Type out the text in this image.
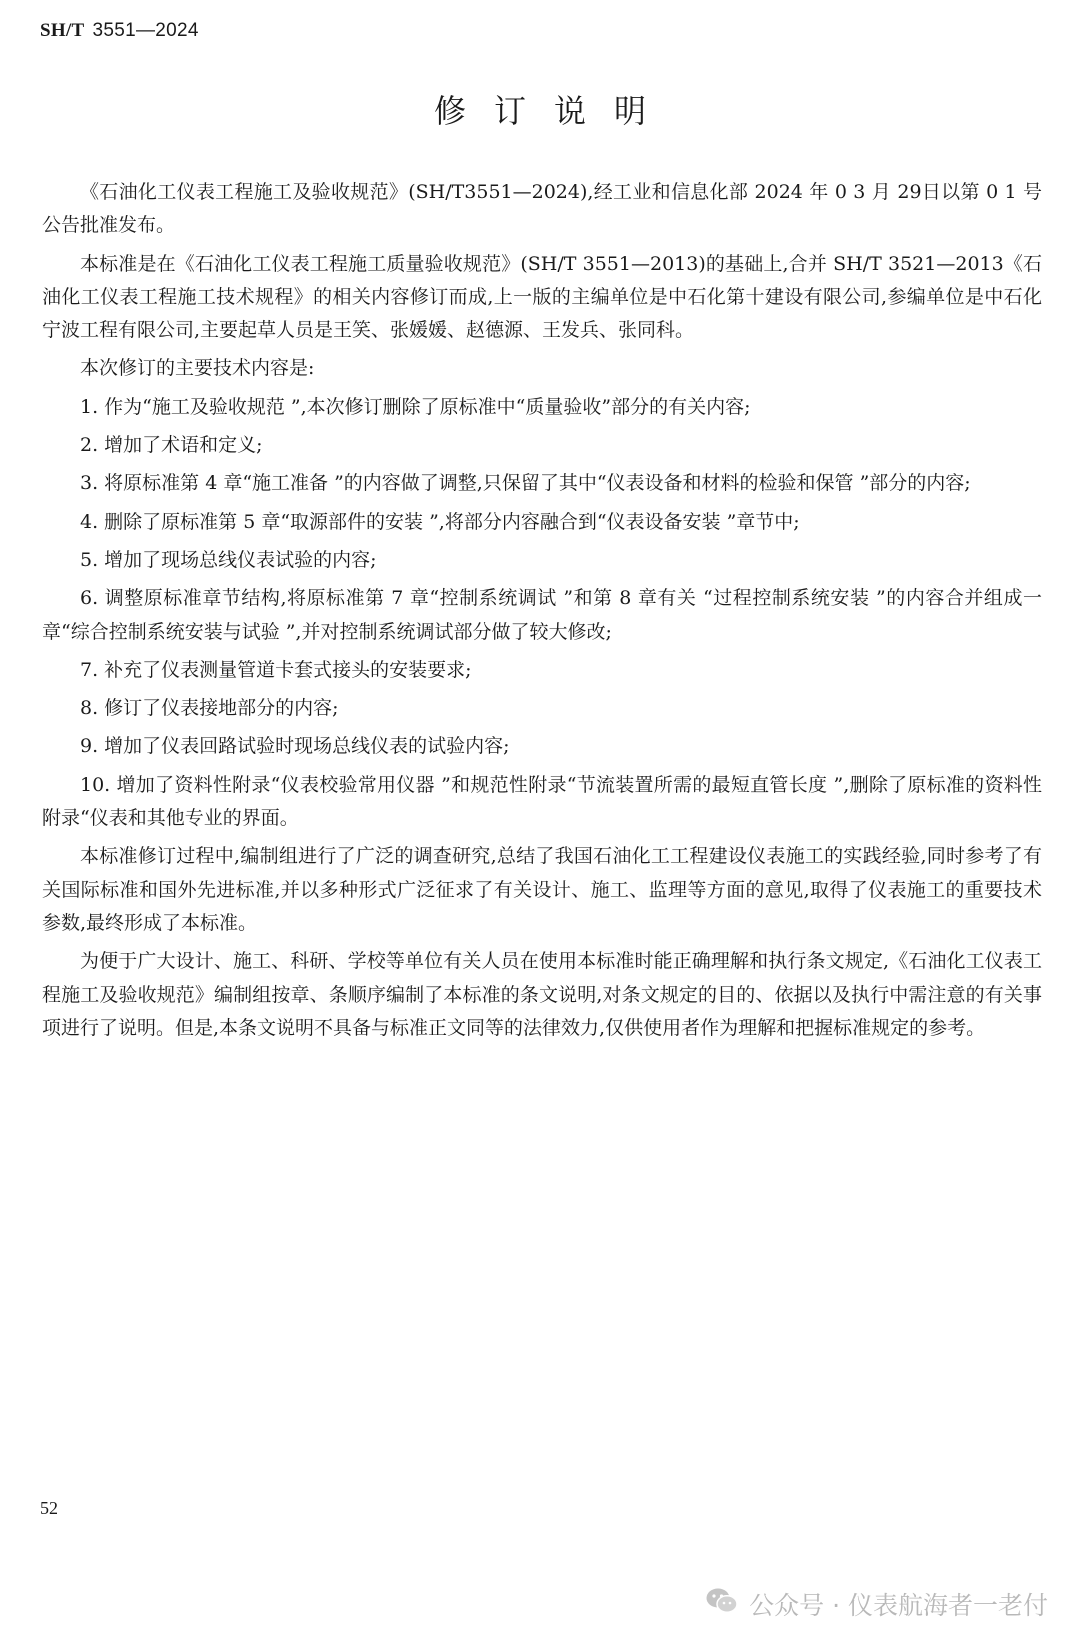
SH/T 3551—2024
修订说明

《石油化工仪表工程施工及验收规范》(SH/T3551—2024),经工业和信息化部 2024 年 0 3 月 29日以第 0 1 号公告批准发布。

本标准是在《石油化工仪表工程施工质量验收规范》(SH/T 3551—2013)的基础上,合并 SH/T 3521—2013《石油化工仪表工程施工技术规程》的相关内容修订而成,上一版的主编单位是中石化第十建设有限公司,参编单位是中石化宁波工程有限公司,主要起草人员是王笑、张媛媛、赵德源、王发兵、张同科。

本次修订的主要技术内容是:

1. 作为“施工及验收规范 ”,本次修订删除了原标准中“质量验收”部分的有关内容;

2. 增加了术语和定义;

3. 将原标准第 4 章“施工准备 ”的内容做了调整,只保留了其中“仪表设备和材料的检验和保管 ”部分的内容;

4. 删除了原标准第 5 章“取源部件的安装 ”,将部分内容融合到“仪表设备安装 ”章节中;

5. 增加了现场总线仪表试验的内容;

6. 调整原标准章节结构,将原标准第 7 章“控制系统调试 ”和第 8 章有关 “过程控制系统安装 ”的内容合并组成一章“综合控制系统安装与试验 ”,并对控制系统调试部分做了较大修改;

7. 补充了仪表测量管道卡套式接头的安装要求;

8. 修订了仪表接地部分的内容;

9. 增加了仪表回路试验时现场总线仪表的试验内容;

10. 增加了资料性附录“仪表校验常用仪器 ”和规范性附录“节流装置所需的最短直管长度 ”,删除了原标准的资料性附录“仪表和其他专业的界面。

本标准修订过程中,编制组进行了广泛的调查研究,总结了我国石油化工工程建设仪表施工的实践经验,同时参考了有关国际标准和国外先进标准,并以多种形式广泛征求了有关设计、施工、监理等方面的意见,取得了仪表施工的重要技术参数,最终形成了本标准。

为便于广大设计、施工、科研、学校等单位有关人员在使用本标准时能正确理解和执行条文规定,《石油化工仪表工程施工及验收规范》编制组按章、条顺序编制了本标准的条文说明,对条文规定的目的、依据以及执行中需注意的有关事项进行了说明。但是,本条文说明不具备与标准正文同等的法律效力,仅供使用者作为理解和把握标准规定的参考。

52
公众号 · 仪表航海者一老付
